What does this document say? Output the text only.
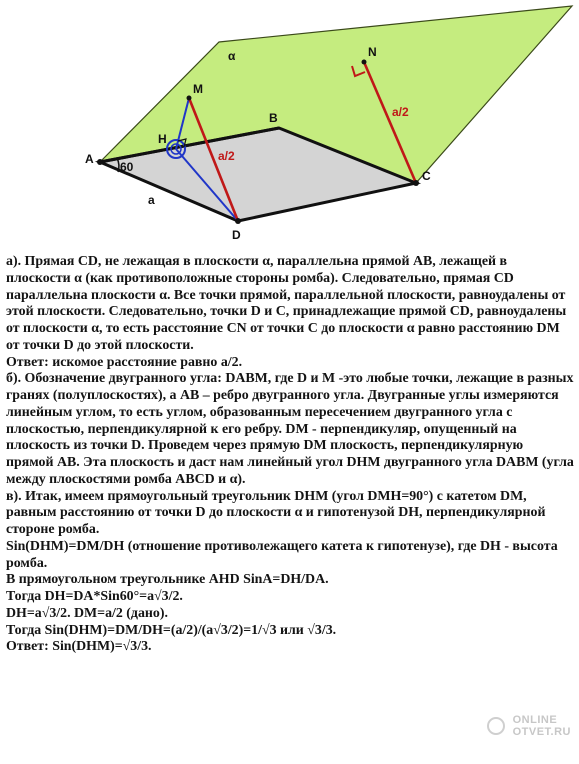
A
B
C
D
M
N
H
α
60
a
a/2
a/2

а). Прямая CD, не лежащая в плоскости α, параллельна прямой AB, лежащей в плоскости α (как противоположные стороны ромба). Следовательно, прямая CD параллельна плоскости α. Все точки прямой, параллельной плоскости, равноудалены от этой плоскости. Следовательно, точки D и C, принадлежащие прямой CD, равноудалены от плоскости α, то есть расстояние CN от точки C до плоскости α равно расстоянию DM от точки D до этой плоскости.

Ответ: искомое расстояние равно а/2.

б). Обозначение двугранного угла: DABM, где D и M -это любые точки, лежащие в разных гранях (полуплоскостях), а AB – ребро двугранного угла. Двугранные углы измеряются линейным углом, то есть углом, образованным пересечением двугранного угла с плоскостью, перпендикулярной к его ребру. DM - перпендикуляр, опущенный на плоскость из точки D. Проведем через прямую DM плоскость, перпендикулярную прямой AB. Эта плоскость и даст нам линейный угол DHM двугранного угла DABM (угла между плоскостями ромба ABCD и α).

в). Итак, имеем прямоугольный треугольник DHM (угол DMH=90°) с катетом DM, равным расстоянию от точки D до плоскости α и гипотенузой DH, перпендикулярной стороне ромба.

Sin(DHM)=DM/DH (отношение противолежащего катета к гипотенузе), где DH - высота ромба.

В прямоугольном треугольнике AHD SinA=DH/DA.

Тогда DH=DA*Sin60°=a√3/2.

DH=a√3/2. DM=a/2 (дано).

Тогда Sin(DHM)=DM/DH=(a/2)/(a√3/2)=1/√3 или √3/3.

Ответ: Sin(DHM)=√3/3.

ONLINE
OTVET.RU
